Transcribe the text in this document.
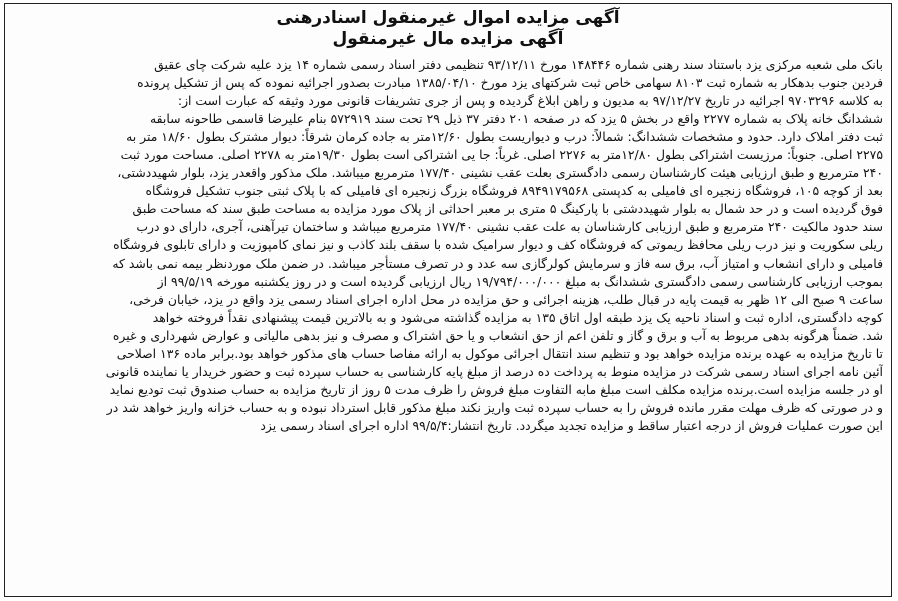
آگهی مزایده اموال غیرمنقول اسنادرهنی
آگهی مزایده مال غیرمنقول
بانک ملی شعبه مرکزی یزد باستناد سند رهنی شماره ۱۴۸۴۴۶ مورخ ۹۳/۱۲/۱۱ تنظیمی دفتر اسناد رسمی شماره ۱۴ یزد علیه شرکت چای عقیق
فردین جنوب بدهکار به شماره ثبت ۸۱۰۳ سهامی خاص ثبت شرکتهای یزد مورخ ۱۳۸۵/۰۴/۱۰ مبادرت بصدور اجرائیه نموده که پس از تشکیل پرونده
به کلاسه ۹۷۰۳۲۹۶ اجرائیه در تاریخ ۹۷/۱۲/۲۷ به مدیون و راهن ابلاغ گردیده و پس از جری تشریفات قانونی مورد وثیقه که عبارت است از:
ششدانگ خانه پلاک به شماره ۲۲۷۷ واقع در بخش ۵ یزد که در صفحه ۲۰۱ دفتر ۳۷ ذیل ۲۹ تحت سند ۵۷۲۹۱۹ بنام علیرضا قاسمی طاحونه سابقه
ثبت دفتر املاک دارد. حدود و مشخصات ششدانگ: شمالاً: درب و دیواریست بطول ۱۲/۶۰متر به جاده کرمان شرقاً: دیوار مشترک بطول ۱۸/۶۰ متر به
۲۲۷۵ اصلی. جنوباً: مرزیست اشتراکی بطول ۱۲/۸۰متر به ۲۲۷۶ اصلی. غرباً: جا یی اشتراکی است بطول ۱۹/۳۰متر به ۲۲۷۸ اصلی. مساحت مورد ثبت
۲۴۰ مترمربع و طبق ارزیابی هیئت کارشناسان رسمی دادگستری بعلت عقب نشینی ۱۷۷/۴۰ مترمربع میباشد. ملک مذکور واقعدر یزد، بلوار شهیددشتی،
بعد از کوچه ۱۰۵، فروشگاه زنجیره ای فامیلی به کدپستی ۸۹۴۹۱۷۹۵۶۸ فروشگاه بزرگ زنجیره ای فامیلی که با پلاک ثبتی جنوب تشکیل فروشگاه
فوق گردیده است و در حد شمال به بلوار شهیددشتی با پارکینگ ۵ متری بر معبر احداثی از پلاک مورد مزایده به مساحت طبق سند که مساحت طبق
سند حدود مالکیت ۲۴۰ مترمربع و طبق ارزیابی کارشناسان به علت عقب نشینی ۱۷۷/۴۰ مترمربع میباشد و ساختمان تیرآهنی، آجری، دارای دو درب
ریلی سکوریت و نیز درب ریلی محافظ ریموتی که فروشگاه کف و دیوار سرامیک شده با سقف بلند کاذب و نیز نمای کامپوزیت و دارای تابلوی فروشگاه
فامیلی و دارای انشعاب و امتیاز آب، برق سه فاز و سرمایش کولرگازی سه عدد و در تصرف مستأجر میباشد. در ضمن ملک موردنظر بیمه نمی باشد که
بموجب ارزیابی کارشناسی رسمی دادگستری ششدانگ به مبلغ ۱۹/۷۹۴/۰۰۰/۰۰۰ ریال ارزیابی گردیده است و در روز یکشنبه مورخه ۹۹/۵/۱۹ از
ساعت ۹ صبح الی ۱۲ ظهر به قیمت پایه در قبال طلب، هزینه اجرائی و حق مزایده در محل اداره اجرای اسناد رسمی یزد واقع در یزد، خیابان فرخی،
کوچه دادگستری، اداره ثبت و اسناد ناحیه یک یزد طبقه اول اتاق ۱۳۵ به مزایده گذاشته می‌شود و به بالاترین قیمت پیشنهادی نقداً فروخته خواهد
شد. ضمناً هرگونه بدهی مربوط به آب و برق و گاز و تلفن اعم از حق انشعاب و یا حق اشتراک و مصرف و نیز بدهی مالیاتی و عوارض شهرداری و غیره
تا تاریخ مزایده به عهده برنده مزایده خواهد بود و تنظیم سند انتقال اجرائی موکول به ارائه مفاصا حساب های مذکور خواهد بود.برابر ماده ۱۳۶ اصلاحی
آئین نامه اجرای اسناد رسمی شرکت در مزایده منوط به پرداخت ده درصد از مبلغ پایه کارشناسی به حساب سپرده ثبت و حضور خریدار یا نماینده قانونی
او در جلسه مزایده است.برنده مزایده مکلف است مبلغ مابه التفاوت مبلغ فروش را ظرف مدت ۵ روز از تاریخ مزایده به حساب صندوق ثبت تودیع نماید
و در صورتی که ظرف مهلت مقرر مانده فروش را به حساب سپرده ثبت واریز نکند مبلغ مذکور قابل استرداد نبوده و به حساب خزانه واریز خواهد شد در
این صورت عملیات فروش از درجه اعتبار ساقط و مزایده تجدید میگردد. تاریخ انتشار:۹۹/۵/۴ اداره اجرای اسناد رسمی یزد
